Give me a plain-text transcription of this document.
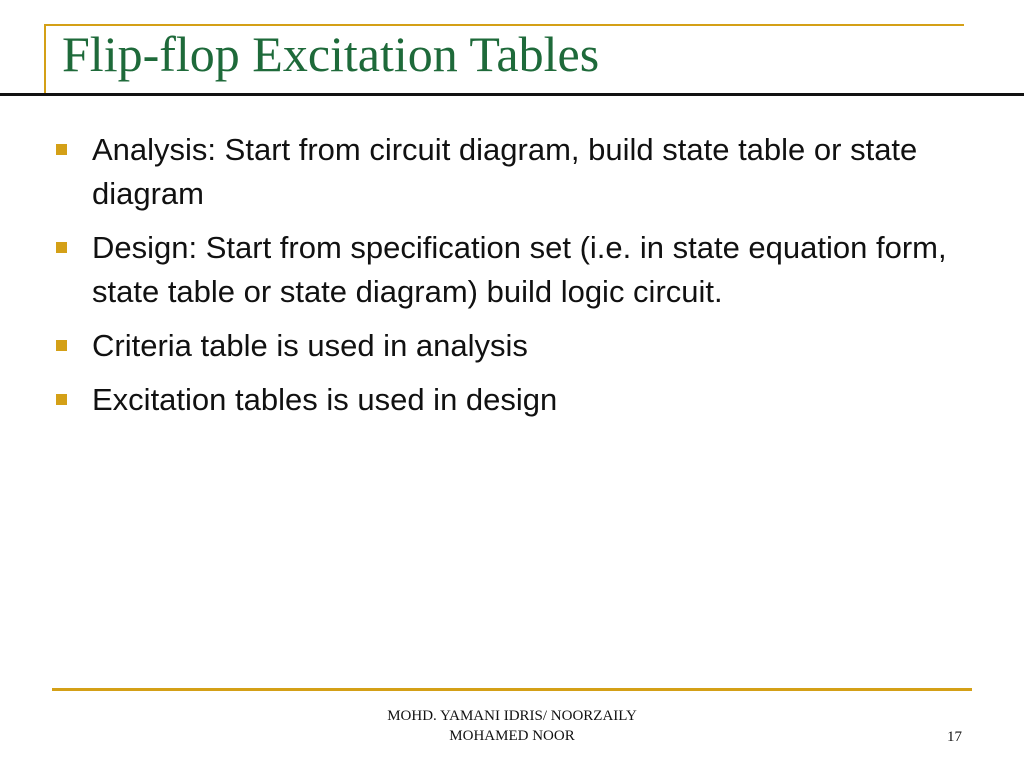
Flip-flop Excitation Tables
Analysis: Start from circuit diagram, build state table or state diagram
Design: Start from specification set (i.e. in state equation form, state table or state diagram) build logic circuit.
Criteria table is used in analysis
Excitation tables is used in design
MOHD. YAMANI IDRIS/ NOORZAILY
MOHAMED NOOR	17
